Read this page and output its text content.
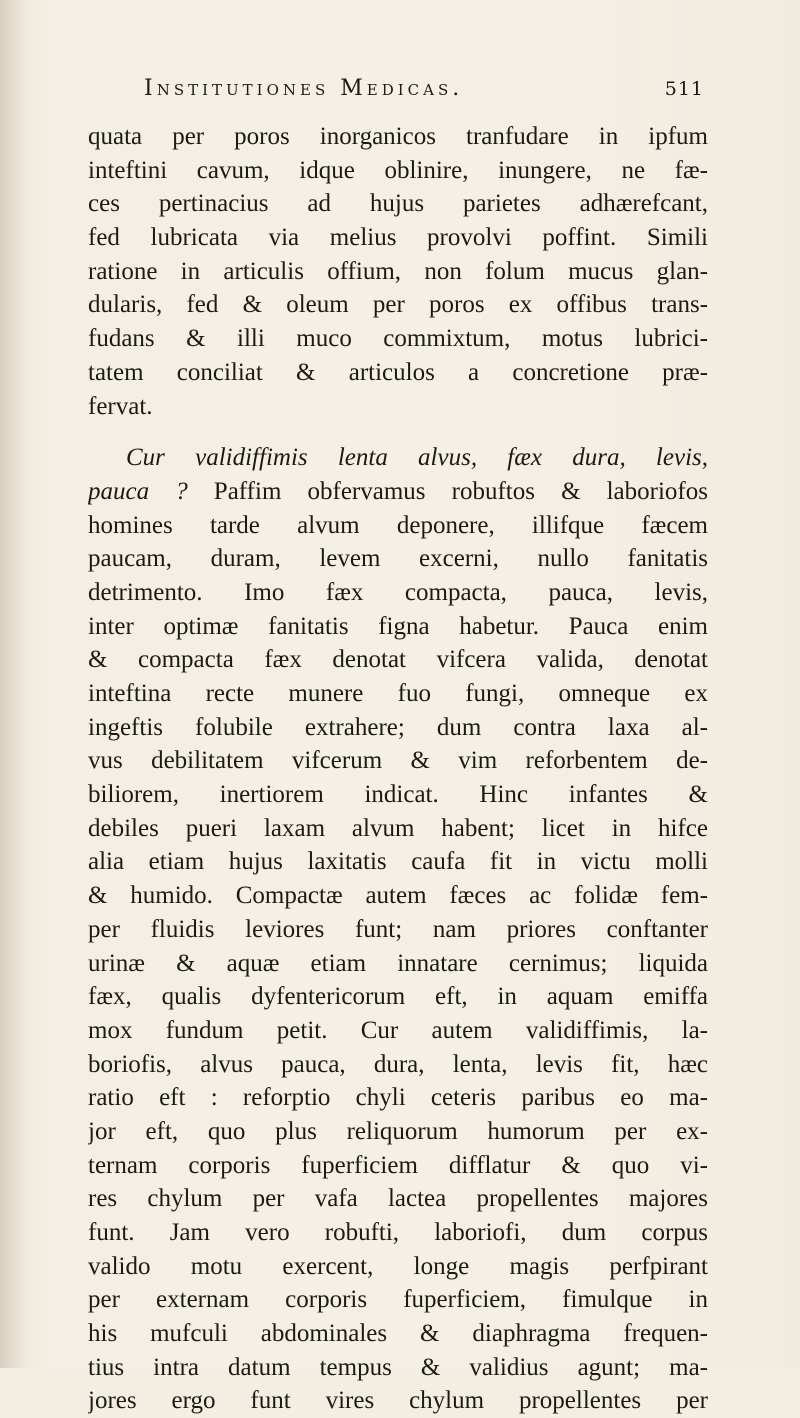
Institutiones Medicas.	511
quata per poros inorganicos tranfudare in ipfum
inteftini cavum, idque oblinire, inungere, ne fæ-
ces pertinacius ad hujus parietes adhærefcant,
fed lubricata via melius provolvi poffint. Simili
ratione in articulis offium, non folum mucus glan-
dularis, fed & oleum per poros ex offibus trans-
fudans & illi muco commixtum, motus lubrici-
tatem conciliat & articulos a concretione præ-
fervat.
Cur validiffimis lenta alvus, fæx dura, levis,
pauca ? Paffim obfervamus robuftos & laboriofos
homines tarde alvum deponere, illifque fæcem
paucam, duram, levem excerni, nullo fanitatis
detrimento. Imo fæx compacta, pauca, levis,
inter optimæ fanitatis figna habetur. Pauca enim
& compacta fæx denotat vifcera valida, denotat
inteftina recte munere fuo fungi, omneque ex
ingeftis folubile extrahere; dum contra laxa al-
vus debilitatem vifcerum & vim reforbentem de-
biliorem, inertiorem indicat. Hinc infantes &
debiles pueri laxam alvum habent; licet in hifce
alia etiam hujus laxitatis caufa fit in victu molli
& humido. Compactæ autem fæces ac folidæ fem-
per fluidis leviores funt; nam priores conftanter
urinæ & aquæ etiam innatare cernimus; liquida
fæx, qualis dyfentericorum eft, in aquam emiffa
mox fundum petit. Cur autem validiffimis, la-
boriofis, alvus pauca, dura, lenta, levis fit, hæc
ratio eft : reforptio chyli ceteris paribus eo ma-
jor eft, quo plus reliquorum humorum per ex-
ternam corporis fuperficiem difflatur & quo vi-
res chylum per vafa lactea propellentes majores
funt. Jam vero robufti, laboriofi, dum corpus
valido motu exercent, longe magis perfpirant
per externam corporis fuperficiem, fimulque in
his mufculi abdominales & diaphragma frequen-
tius intra datum tempus & validius agunt; ma-
jores ergo funt vires chylum propellentes per
